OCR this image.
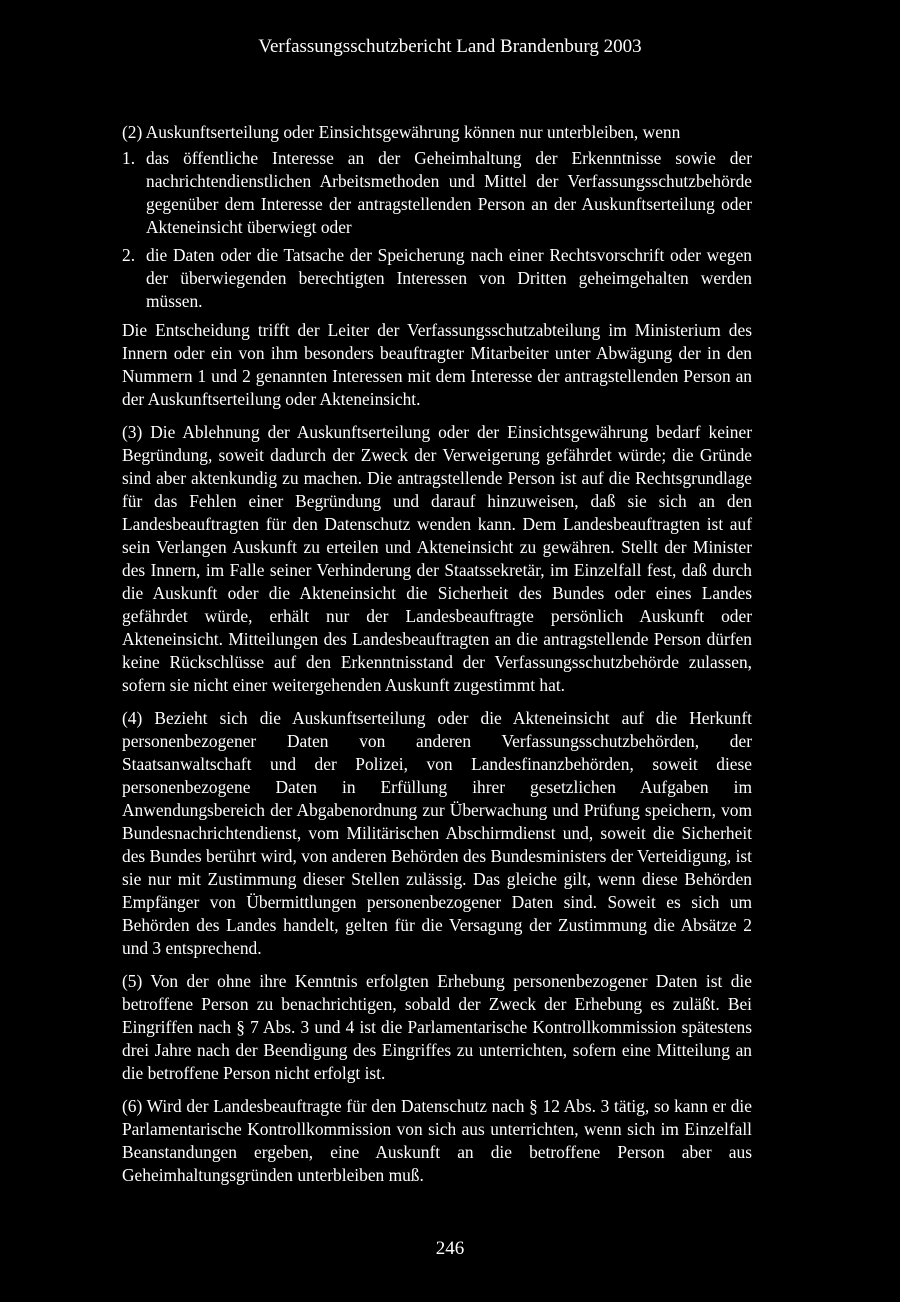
Verfassungsschutzbericht Land Brandenburg 2003

(2) Auskunftserteilung oder Einsichtsgewährung können nur unterbleiben, wenn

1. das öffentliche Interesse an der Geheimhaltung der Erkenntnisse sowie der nachrichtendienstlichen Arbeitsmethoden und Mittel der Verfassungsschutzbehörde gegenüber dem Interesse der antragstellenden Person an der Auskunftserteilung oder Akteneinsicht überwiegt oder
2. die Daten oder die Tatsache der Speicherung nach einer Rechtsvorschrift oder wegen der überwiegenden berechtigten Interessen von Dritten geheimgehalten werden müssen.

Die Entscheidung trifft der Leiter der Verfassungsschutzabteilung im Ministerium des Innern oder ein von ihm besonders beauftragter Mitarbeiter unter Abwägung der in den Nummern 1 und 2 genannten Interessen mit dem Interesse der antragstellenden Person an der Auskunftserteilung oder Akteneinsicht.

(3) Die Ablehnung der Auskunftserteilung oder der Einsichtsgewährung bedarf keiner Begründung, soweit dadurch der Zweck der Verweigerung gefährdet würde; die Gründe sind aber aktenkundig zu machen. Die antragstellende Person ist auf die Rechtsgrundlage für das Fehlen einer Begründung und darauf hinzuweisen, daß sie sich an den Landesbeauftragten für den Datenschutz wenden kann. Dem Landesbeauftragten ist auf sein Verlangen Auskunft zu erteilen und Akteneinsicht zu gewähren. Stellt der Minister des Innern, im Falle seiner Verhinderung der Staatssekretär, im Einzelfall fest, daß durch die Auskunft oder die Akteneinsicht die Sicherheit des Bundes oder eines Landes gefährdet würde, erhält nur der Landesbeauftragte persönlich Auskunft oder Akteneinsicht. Mitteilungen des Landesbeauftragten an die antragstellende Person dürfen keine Rückschlüsse auf den Erkenntnisstand der Verfassungsschutzbehörde zulassen, sofern sie nicht einer weitergehenden Auskunft zugestimmt hat.

(4) Bezieht sich die Auskunftserteilung oder die Akteneinsicht auf die Herkunft personenbezogener Daten von anderen Verfassungsschutzbehörden, der Staatsanwaltschaft und der Polizei, von Landesfinanzbehörden, soweit diese personenbezogene Daten in Erfüllung ihrer gesetzlichen Aufgaben im Anwendungsbereich der Abgabenordnung zur Überwachung und Prüfung speichern, vom Bundesnachrichtendienst, vom Militärischen Abschirmdienst und, soweit die Sicherheit des Bundes berührt wird, von anderen Behörden des Bundesministers der Verteidigung, ist sie nur mit Zustimmung dieser Stellen zulässig. Das gleiche gilt, wenn diese Behörden Empfänger von Übermittlungen personenbezogener Daten sind. Soweit es sich um Behörden des Landes handelt, gelten für die Versagung der Zustimmung die Absätze 2 und 3 entsprechend.

(5) Von der ohne ihre Kenntnis erfolgten Erhebung personenbezogener Daten ist die betroffene Person zu benachrichtigen, sobald der Zweck der Erhebung es zuläßt. Bei Eingriffen nach § 7 Abs. 3 und 4 ist die Parlamentarische Kontrollkommission spätestens drei Jahre nach der Beendigung des Eingriffes zu unterrichten, sofern eine Mitteilung an die betroffene Person nicht erfolgt ist.

(6) Wird der Landesbeauftragte für den Datenschutz nach § 12 Abs. 3 tätig, so kann er die Parlamentarische Kontrollkommission von sich aus unterrichten, wenn sich im Einzelfall Beanstandungen ergeben, eine Auskunft an die betroffene Person aber aus Geheimhaltungsgründen unterbleiben muß.

246
